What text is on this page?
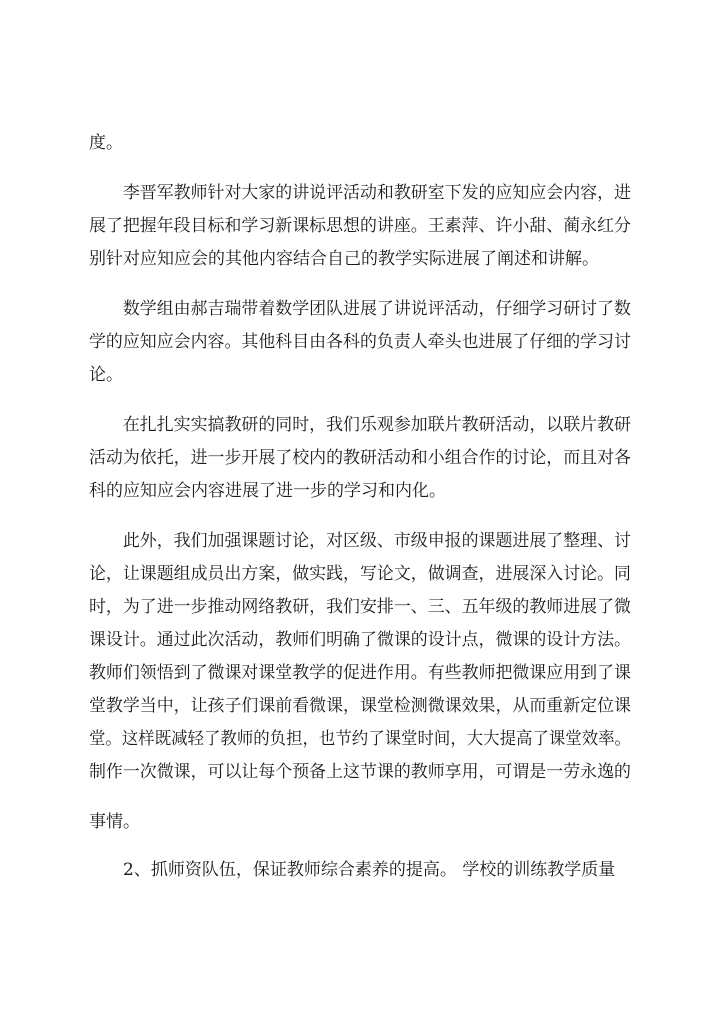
度。

　　李晋军教师针对大家的讲说评活动和教研室下发的应知应会内容，进

展了把握年段目标和学习新课标思想的讲座。王素萍、许小甜、蔺永红分

别针对应知应会的其他内容结合自己的教学实际进展了阐述和讲解。

　　数学组由郝吉瑞带着数学团队进展了讲说评活动，仔细学习研讨了数

学的应知应会内容。其他科目由各科的负责人牵头也进展了仔细的学习讨

论。

　　在扎扎实实搞教研的同时，我们乐观参加联片教研活动，以联片教研

活动为依托，进一步开展了校内的教研活动和小组合作的讨论，而且对各

科的应知应会内容进展了进一步的学习和内化。

　　此外，我们加强课题讨论，对区级、市级申报的课题进展了整理、讨

论，让课题组成员出方案，做实践，写论文，做调查，进展深入讨论。同

时，为了进一步推动网络教研，我们安排一、三、五年级的教师进展了微

课设计。通过此次活动，教师们明确了微课的设计点，微课的设计方法。

教师们领悟到了微课对课堂教学的促进作用。有些教师把微课应用到了课

堂教学当中，让孩子们课前看微课，课堂检测微课效果，从而重新定位课

堂。这样既减轻了教师的负担，也节约了课堂时间，大大提高了课堂效率。

制作一次微课，可以让每个预备上这节课的教师享用，可谓是一劳永逸的

事情。

　　2、抓师资队伍，保证教师综合素养的提高。 学校的训练教学质量
